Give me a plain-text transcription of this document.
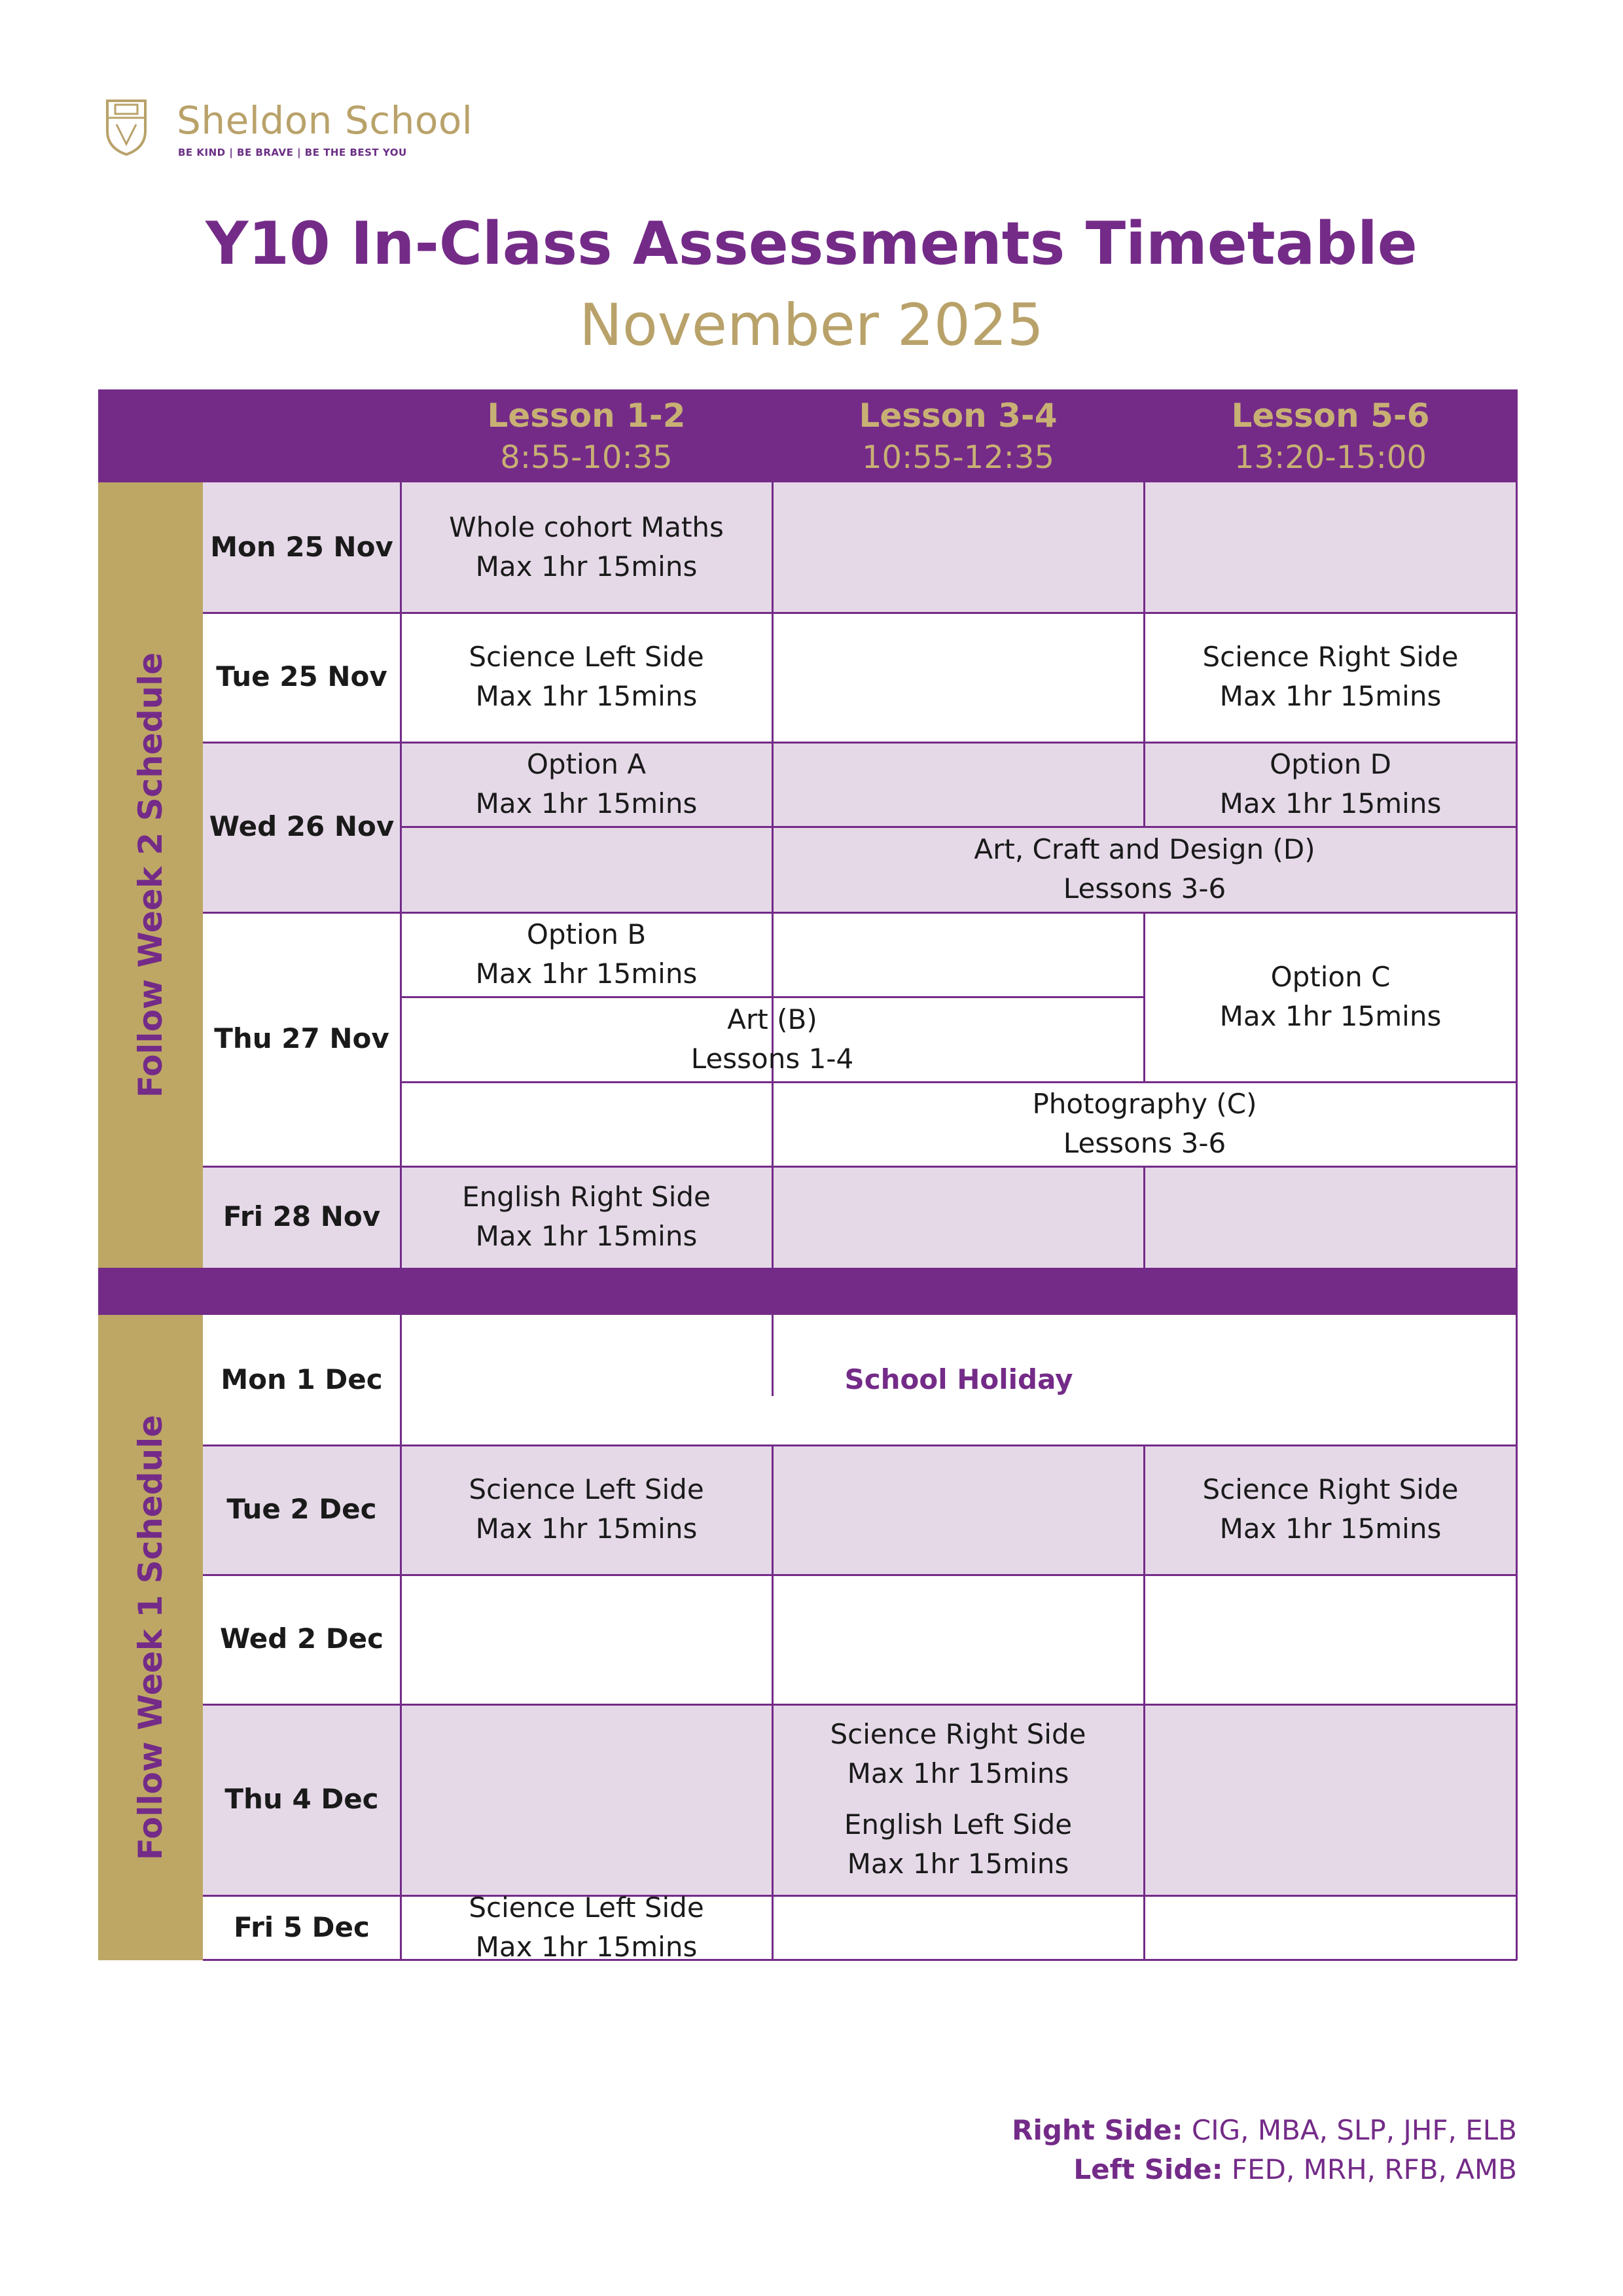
Sheldon School
BE KIND | BE BRAVE | BE THE BEST YOU
Y10 In-Class Assessments Timetable
November 2025
Lesson 1-2
8:55-10:35
Lesson 3-4
10:55-12:35
Lesson 5-6
13:20-15:00
Follow Week 2 Schedule
Follow Week 1 Schedule
Mon 25 Nov
Tue 25 Nov
Wed 26 Nov
Thu 27 Nov
Fri 28 Nov
Mon 1 Dec
Tue 2 Dec
Wed 2 Dec
Thu 4 Dec
Fri 5 Dec
Whole cohort Maths
Max 1hr 15mins
Science Left Side
Max 1hr 15mins
Science Right Side
Max 1hr 15mins
Option A
Max 1hr 15mins
Option D
Max 1hr 15mins
Art, Craft and Design (D)
Lessons 3-6
Option B
Max 1hr 15mins	Option C
Max 1hr 15mins
Art (B)
Lessons 1-4
Photography (C)
Lessons 3-6
English Right Side
Max 1hr 15mins
School Holiday
Science Left Side
Max 1hr 15mins
Science Right Side
Max 1hr 15mins
Science Right Side
Max 1hr 15mins
English Left Side
Max 1hr 15mins
Science Left Side
Max 1hr 15mins
Right Side: CIG, MBA, SLP, JHF, ELB
Left Side: FED, MRH, RFB, AMB
